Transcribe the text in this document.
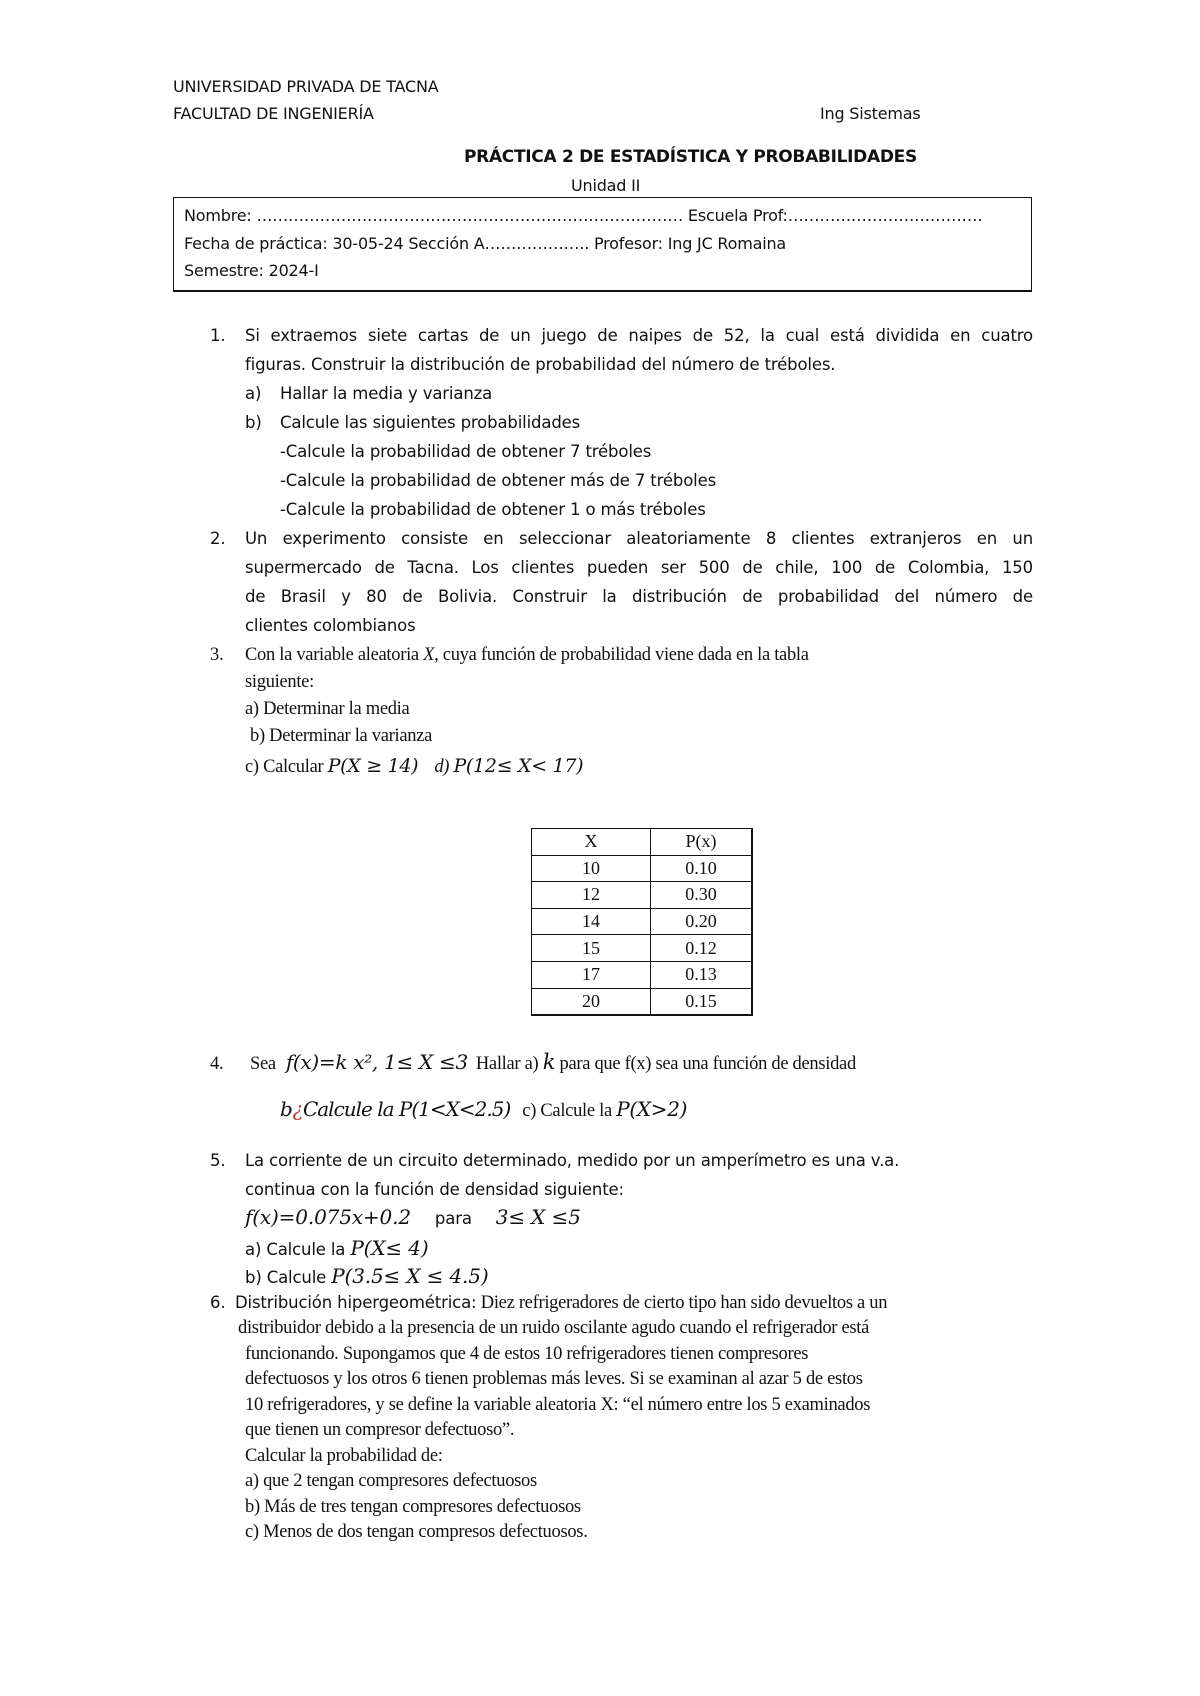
UNIVERSIDAD PRIVADA DE TACNA
FACULTAD DE INGENIERÍA	Ing Sistemas
PRÁCTICA 2 DE ESTADÍSTICA Y PROBABILIDADES
Unidad II
Nombre: ……………………………………………………………………… Escuela Prof:……………………………….
Fecha de práctica: 30-05-24 Sección A……………….. Profesor: Ing JC Romaina
Semestre: 2024-I
1. Si extraemos siete cartas de un juego de naipes de 52, la cual está dividida en cuatro
figuras. Construir la distribución de probabilidad del número de tréboles.
a) Hallar la media y varianza
b) Calcule las siguientes probabilidades
-Calcule la probabilidad de obtener 7 tréboles
-Calcule la probabilidad de obtener más de 7 tréboles
-Calcule la probabilidad de obtener 1 o más tréboles
2. Un experimento consiste en seleccionar aleatoriamente 8 clientes extranjeros en un
supermercado de Tacna. Los clientes pueden ser 500 de chile, 100 de Colombia, 150
de Brasil y 80 de Bolivia. Construir la distribución de probabilidad del número de
clientes colombianos
3. Con la variable aleatoria X, cuya función de probabilidad viene dada en la tabla
siguiente:
a) Determinar la media
b) Determinar la varianza
c) Calcular P(X ≥ 14) d) P(12≤ X< 17)
X	P(x)
10	0.10
12	0.30
14	0.20
15	0.12
17	0.13
20	0.15
4. Sea f(x)=k x², 1≤ X ≤3 Hallar a) k para que f(x) sea una función de densidad
b¿Calcule la P(1<X<2.5) c) Calcule la P(X>2)
5. La corriente de un circuito determinado, medido por un amperímetro es una v.a.
continua con la función de densidad siguiente:
f(x)=0.075x+0.2 para 3≤ X ≤5
a) Calcule la P(X≤ 4)
b) Calcule P(3.5≤ X ≤ 4.5)
6. Distribución hipergeométrica: Diez refrigeradores de cierto tipo han sido devueltos a un
distribuidor debido a la presencia de un ruido oscilante agudo cuando el refrigerador está
funcionando. Supongamos que 4 de estos 10 refrigeradores tienen compresores
defectuosos y los otros 6 tienen problemas más leves. Si se examinan al azar 5 de estos
10 refrigeradores, y se define la variable aleatoria X: “el número entre los 5 examinados
que tienen un compresor defectuoso”.
Calcular la probabilidad de:
a) que 2 tengan compresores defectuosos
b) Más de tres tengan compresores defectuosos
c) Menos de dos tengan compresos defectuosos.
